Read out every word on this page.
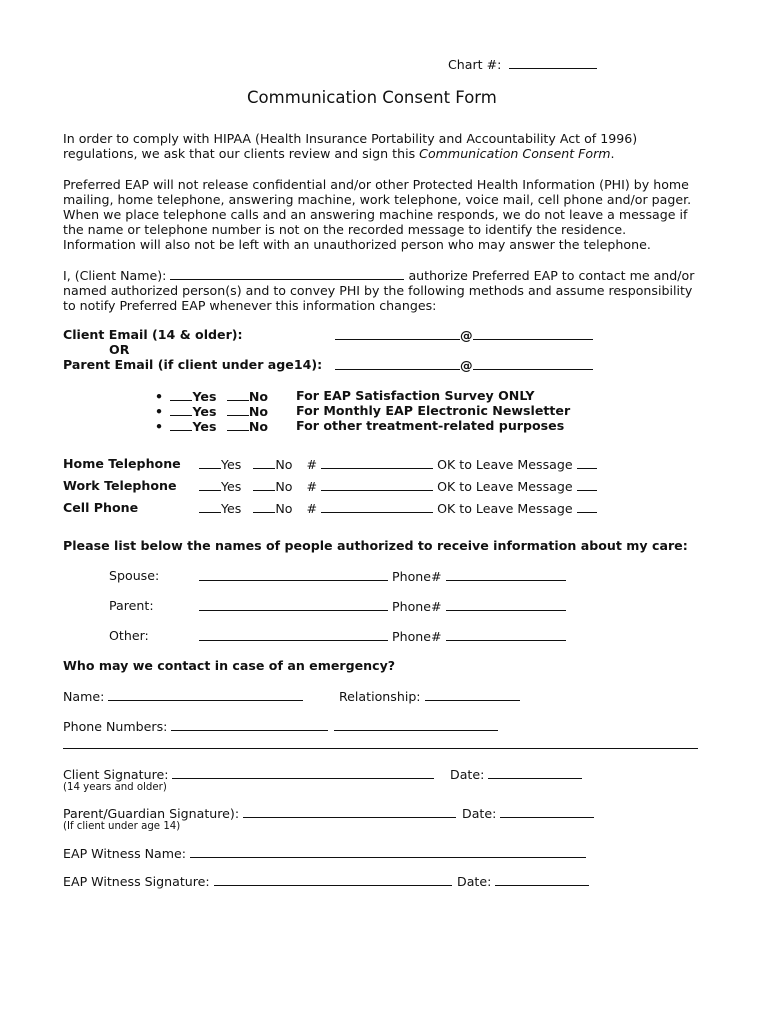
Chart #:
Communication Consent Form
In order to comply with HIPAA (Health Insurance Portability and Accountability Act of 1996)
regulations, we ask that our clients review and sign this Communication Consent Form.
Preferred EAP will not release confidential and/or other Protected Health Information (PHI) by home
mailing, home telephone, answering machine, work telephone, voice mail, cell phone and/or pager.
When we place telephone calls and an answering machine responds, we do not leave a message if
the name or telephone number is not on the recorded message to identify the residence.
Information will also not be left with an unauthorized person who may answer the telephone.
I, (Client Name):	authorize Preferred EAP to contact me and/or
named authorized person(s) and to convey PHI by the following methods and assume responsibility
to notify Preferred EAP whenever this information changes:
Client Email (14 & older):	@
OR
Parent Email (if client under age14):	@
• Yes	No For EAP Satisfaction Survey ONLY
• Yes	No For Monthly EAP Electronic Newsletter
• Yes	No For other treatment-related purposes
Home Telephone	Yes	No #	OK to Leave Message
Work Telephone	Yes	No #	OK to Leave Message
Cell Phone	Yes	No #	OK to Leave Message
Please list below the names of people authorized to receive information about my care:
Spouse:	Phone#
Parent:	Phone#
Other:	Phone#
Who may we contact in case of an emergency?
Name:	Relationship:
Phone Numbers:
Client Signature:	Date:
(14 years and older)
Parent/Guardian Signature):	Date:
(If client under age 14)
EAP Witness Name:
EAP Witness Signature:	Date:
